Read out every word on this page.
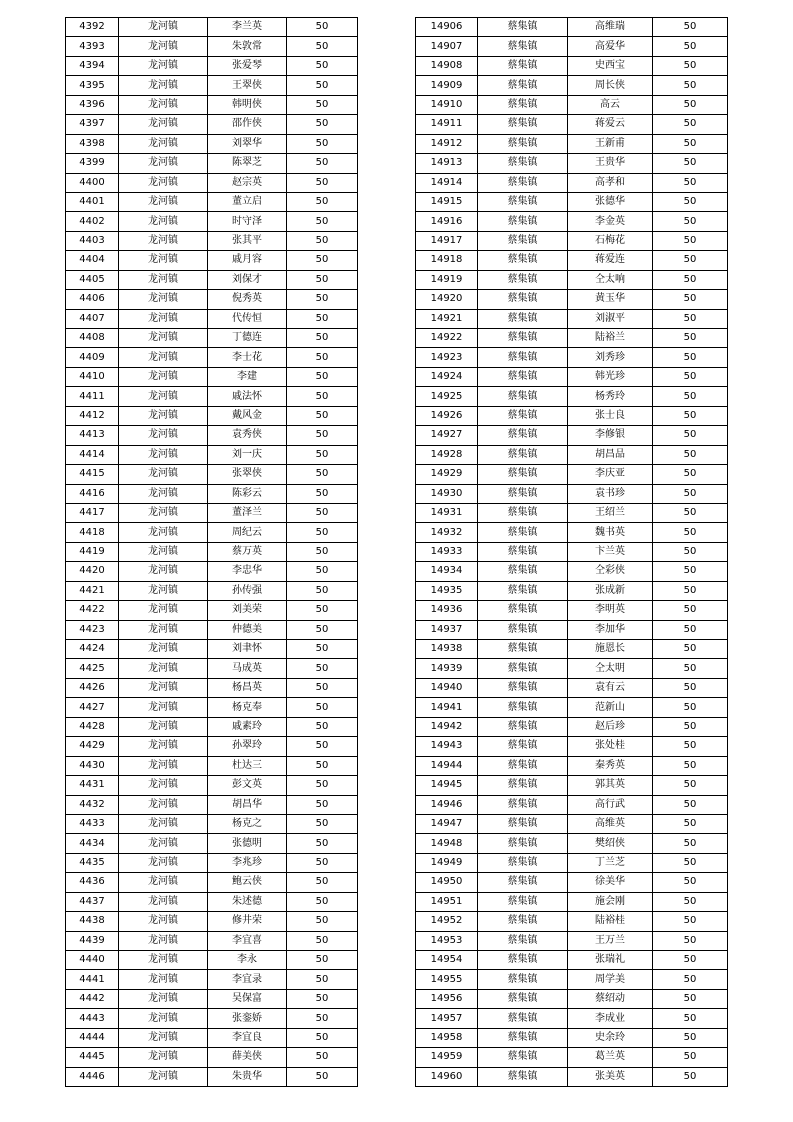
4392	龙河镇	李兰英	50
4393	龙河镇	朱敦常	50
4394	龙河镇	张爱琴	50
4395	龙河镇	王翠侠	50
4396	龙河镇	韩明侠	50
4397	龙河镇	邵作侠	50
4398	龙河镇	刘翠华	50
4399	龙河镇	陈翠芝	50
4400	龙河镇	赵宗英	50
4401	龙河镇	董立启	50
4402	龙河镇	时守泽	50
4403	龙河镇	张其平	50
4404	龙河镇	戚月容	50
4405	龙河镇	刘保才	50
4406	龙河镇	倪秀英	50
4407	龙河镇	代传恒	50
4408	龙河镇	丁德连	50
4409	龙河镇	李士花	50
4410	龙河镇	李建	50
4411	龙河镇	戚法怀	50
4412	龙河镇	戴风金	50
4413	龙河镇	袁秀侠	50
4414	龙河镇	刘一庆	50
4415	龙河镇	张翠侠	50
4416	龙河镇	陈彩云	50
4417	龙河镇	董泽兰	50
4418	龙河镇	周纪云	50
4419	龙河镇	蔡万英	50
4420	龙河镇	李忠华	50
4421	龙河镇	孙传强	50
4422	龙河镇	刘美荣	50
4423	龙河镇	仲德美	50
4424	龙河镇	刘聿怀	50
4425	龙河镇	马成英	50
4426	龙河镇	杨昌英	50
4427	龙河镇	杨克奉	50
4428	龙河镇	戚素玲	50
4429	龙河镇	孙翠玲	50
4430	龙河镇	杜达三	50
4431	龙河镇	彭文英	50
4432	龙河镇	胡昌华	50
4433	龙河镇	杨克之	50
4434	龙河镇	张德明	50
4435	龙河镇	李兆珍	50
4436	龙河镇	鲍云侠	50
4437	龙河镇	朱述德	50
4438	龙河镇	修井荣	50
4439	龙河镇	李宜喜	50
4440	龙河镇	李永	50
4441	龙河镇	李宜录	50
4442	龙河镇	吴保富	50
4443	龙河镇	张銮娇	50
4444	龙河镇	李宜良	50
4445	龙河镇	薛美侠	50
4446	龙河镇	朱贵华	50
14906	蔡集镇	高维瑞	50
14907	蔡集镇	高爱华	50
14908	蔡集镇	史西宝	50
14909	蔡集镇	周长侠	50
14910	蔡集镇	高云	50
14911	蔡集镇	蒋爱云	50
14912	蔡集镇	王新甫	50
14913	蔡集镇	王贵华	50
14914	蔡集镇	高孝和	50
14915	蔡集镇	张德华	50
14916	蔡集镇	李金英	50
14917	蔡集镇	石梅花	50
14918	蔡集镇	蒋爱连	50
14919	蔡集镇	仝太响	50
14920	蔡集镇	黄玉华	50
14921	蔡集镇	刘淑平	50
14922	蔡集镇	陆裕兰	50
14923	蔡集镇	刘秀珍	50
14924	蔡集镇	韩光珍	50
14925	蔡集镇	杨秀玲	50
14926	蔡集镇	张士良	50
14927	蔡集镇	李修银	50
14928	蔡集镇	胡昌品	50
14929	蔡集镇	李庆亚	50
14930	蔡集镇	袁书珍	50
14931	蔡集镇	王绍兰	50
14932	蔡集镇	魏书英	50
14933	蔡集镇	卞兰英	50
14934	蔡集镇	仝彩侠	50
14935	蔡集镇	张成新	50
14936	蔡集镇	李明英	50
14937	蔡集镇	李加华	50
14938	蔡集镇	施恩长	50
14939	蔡集镇	仝太明	50
14940	蔡集镇	袁有云	50
14941	蔡集镇	范新山	50
14942	蔡集镇	赵后珍	50
14943	蔡集镇	张处桂	50
14944	蔡集镇	秦秀英	50
14945	蔡集镇	郭其英	50
14946	蔡集镇	高行武	50
14947	蔡集镇	高维英	50
14948	蔡集镇	樊绍侠	50
14949	蔡集镇	丁兰芝	50
14950	蔡集镇	徐美华	50
14951	蔡集镇	施会刚	50
14952	蔡集镇	陆裕桂	50
14953	蔡集镇	王万兰	50
14954	蔡集镇	张瑞礼	50
14955	蔡集镇	周学美	50
14956	蔡集镇	蔡绍动	50
14957	蔡集镇	李成业	50
14958	蔡集镇	史余玲	50
14959	蔡集镇	葛兰英	50
14960	蔡集镇	张美英	50
